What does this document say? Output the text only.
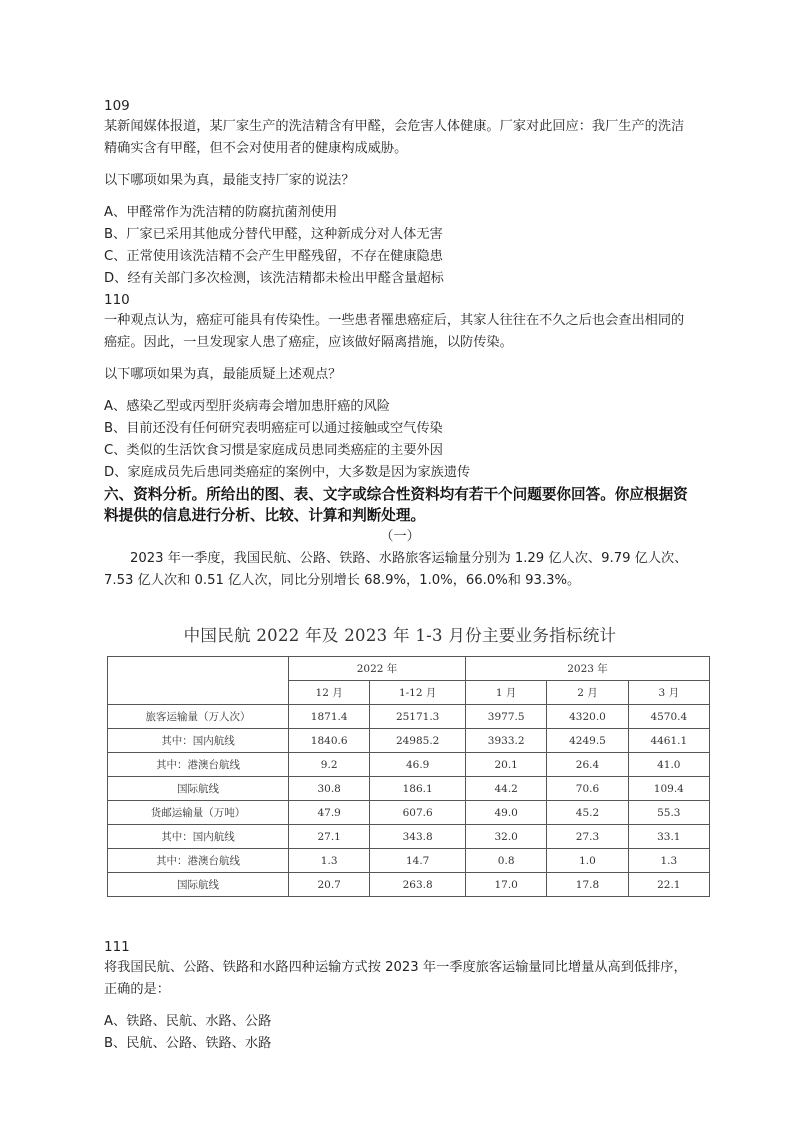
109

某新闻媒体报道，某厂家生产的洗洁精含有甲醛，会危害人体健康。厂家对此回应：我厂生产的洗洁精确实含有甲醛，但不会对使用者的健康构成威胁。

以下哪项如果为真，最能支持厂家的说法？

A、甲醛常作为洗洁精的防腐抗菌剂使用

B、厂家已采用其他成分替代甲醛，这种新成分对人体无害

C、正常使用该洗洁精不会产生甲醛残留，不存在健康隐患

D、经有关部门多次检测，该洗洁精都未检出甲醛含量超标

110

一种观点认为，癌症可能具有传染性。一些患者罹患癌症后，其家人往往在不久之后也会查出相同的癌症。因此，一旦发现家人患了癌症，应该做好隔离措施，以防传染。

以下哪项如果为真，最能质疑上述观点？

A、感染乙型或丙型肝炎病毒会增加患肝癌的风险

B、目前还没有任何研究表明癌症可以通过接触或空气传染

C、类似的生活饮食习惯是家庭成员患同类癌症的主要外因

D、家庭成员先后患同类癌症的案例中，大多数是因为家族遗传

六、资料分析。所给出的图、表、文字或综合性资料均有若干个问题要你回答。你应根据资料提供的信息进行分析、比较、计算和判断处理。

（一）

2023 年一季度，我国民航、公路、铁路、水路旅客运输量分别为 1.29 亿人次、9.79 亿人次、7.53 亿人次和 0.51 亿人次，同比分别增长 68.9%，1.0%，66.0%和 93.3%。

中国民航 2022 年及 2023 年 1-3 月份主要业务指标统计
	2022 年		2023 年		
	12 月	1-12 月	1 月	2 月	3 月
旅客运输量（万人次）	1871.4	25171.3	3977.5	4320.0	4570.4
其中：国内航线	1840.6	24985.2	3933.2	4249.5	4461.1
其中：港澳台航线	9.2	46.9	20.1	26.4	41.0
国际航线	30.8	186.1	44.2	70.6	109.4
货邮运输量（万吨）	47.9	607.6	49.0	45.2	55.3
其中：国内航线	27.1	343.8	32.0	27.3	33.1
其中：港澳台航线	1.3	14.7	0.8	1.0	1.3
国际航线	20.7	263.8	17.0	17.8	22.1

111

将我国民航、公路、铁路和水路四种运输方式按 2023 年一季度旅客运输量同比增量从高到低排序，正确的是：

A、铁路、民航、水路、公路

B、民航、公路、铁路、水路
